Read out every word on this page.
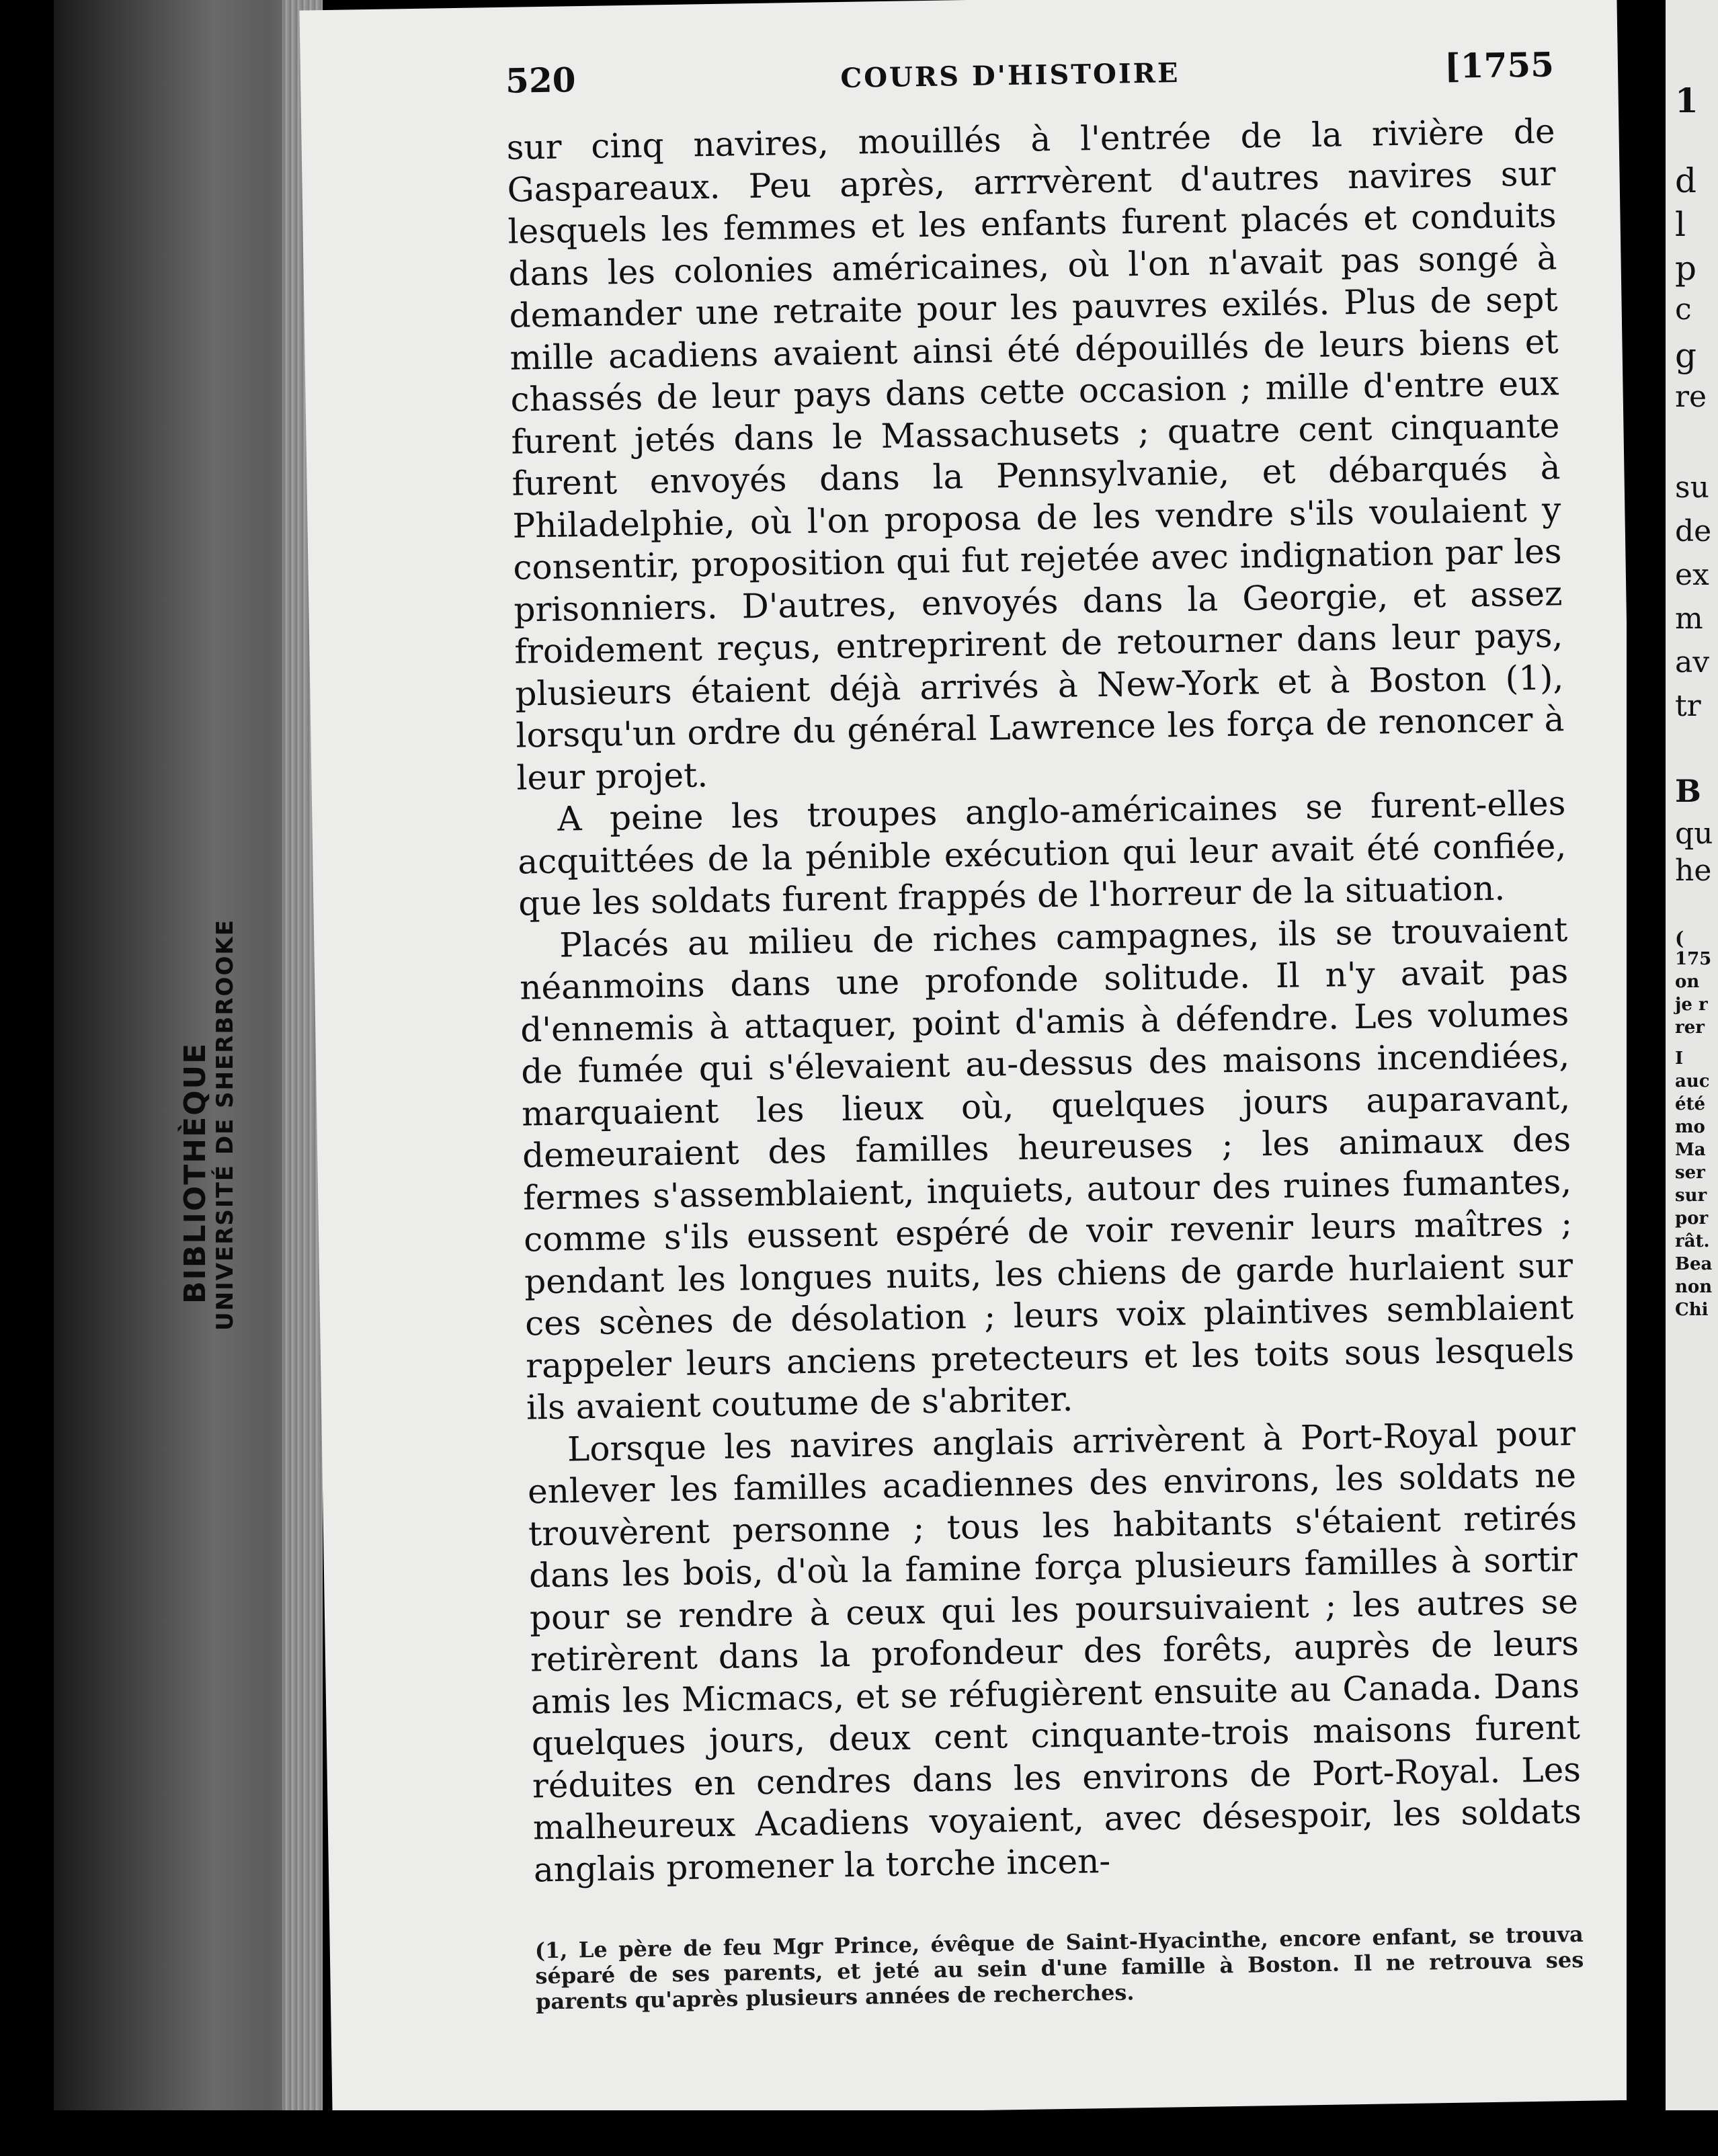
BIBLIOTHÈQUE UNIVERSITÉ DE SHERBROOKE
520	COURS D'HISTOIRE	[1755

sur cinq navires, mouillés à l'entrée de la rivière de Gaspareaux. Peu après, arrrvèrent d'autres navires sur lesquels les femmes et les enfants furent placés et conduits dans les colonies américaines, où l'on n'avait pas songé à demander une retraite pour les pauvres exilés. Plus de sept mille acadiens avaient ainsi été dépouillés de leurs biens et chassés de leur pays dans cette occasion ; mille d'entre eux furent jetés dans le Massachusets ; quatre cent cinquante furent envoyés dans la Pennsylvanie, et débarqués à Philadelphie, où l'on proposa de les vendre s'ils voulaient y consentir, proposition qui fut rejetée avec indignation par les prisonniers. D'autres, envoyés dans la Georgie, et assez froidement reçus, entreprirent de retourner dans leur pays, plusieurs étaient déjà arrivés à New-York et à Boston (1), lorsqu'un ordre du général Lawrence les força de renoncer à leur projet.

A peine les troupes anglo-américaines se furent-elles acquittées de la pénible exécution qui leur avait été confiée, que les soldats furent frappés de l'horreur de la situation.

Placés au milieu de riches campagnes, ils se trouvaient néanmoins dans une profonde solitude. Il n'y avait pas d'ennemis à attaquer, point d'amis à défendre. Les volumes de fumée qui s'élevaient au-dessus des maisons incendiées, marquaient les lieux où, quelques jours auparavant, demeuraient des familles heureuses ; les animaux des fermes s'assemblaient, inquiets, autour des ruines fumantes, comme s'ils eussent espéré de voir revenir leurs maîtres ; pendant les longues nuits, les chiens de garde hurlaient sur ces scènes de désolation ; leurs voix plaintives semblaient rappeler leurs anciens pretecteurs et les toits sous lesquels ils avaient coutume de s'abriter.

Lorsque les navires anglais arrivèrent à Port-Royal pour enlever les familles acadiennes des environs, les soldats ne trouvèrent personne ; tous les habitants s'étaient retirés dans les bois, d'où la famine força plusieurs familles à sortir pour se rendre à ceux qui les poursuivaient ; les autres se retirèrent dans la profondeur des forêts, auprès de leurs amis les Micmacs, et se réfugièrent ensuite au Canada. Dans quelques jours, deux cent cinquante-trois maisons furent réduites en cendres dans les environs de Port-Royal. Les malheureux Acadiens voyaient, avec désespoir, les soldats anglais promener la torche incen-

(1, Le père de feu Mgr Prince, évêque de Saint-Hyacinthe, encore enfant, se trouva séparé de ses parents, et jeté au sein d'une famille à Boston. Il ne retrouva ses parents qu'après plusieurs années de recherches.
1
d
l
p
c
g
re
su
de
ex
m
av
tr
B
qu
he
(
175
on
je r
rer
I
auc
été
mo
Ma
ser
sur
por
rât.
Bea
non
Chi
